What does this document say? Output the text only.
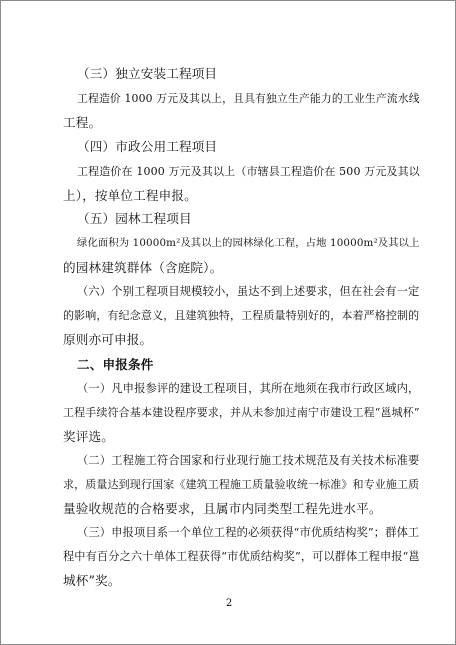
（三）独立安装工程项目
工程造价 1000 万元及其以上，且具有独立生产能力的工业生产流水线
工程。
（四）市政公用工程项目
工程造价在 1000 万元及其以上（市辖县工程造价在 500 万元及其以
上），按单位工程申报。
（五）园林工程项目
绿化面积为 10000m²及其以上的园林绿化工程，占地 10000m²及其以上
的园林建筑群体（含庭院）。
（六）个别工程项目规模较小，虽达不到上述要求，但在社会有一定
的影响，有纪念意义，且建筑独特，工程质量特别好的，本着严格控制的
原则亦可申报。
二、申报条件
（一）凡申报参评的建设工程项目，其所在地须在我市行政区域内，
工程手续符合基本建设程序要求，并从未参加过南宁市建设工程“邕城杯”
奖评选。
（二）工程施工符合国家和行业现行施工技术规范及有关技术标准要
求，质量达到现行国家《建筑工程施工质量验收统一标准》和专业施工质
量验收规范的合格要求，且属市内同类型工程先进水平。
（三）申报项目系一个单位工程的必须获得“市优质结构奖”；群体工
程中有百分之六十单体工程获得“市优质结构奖”，可以群体工程申报“邕
城杯”奖。
2
